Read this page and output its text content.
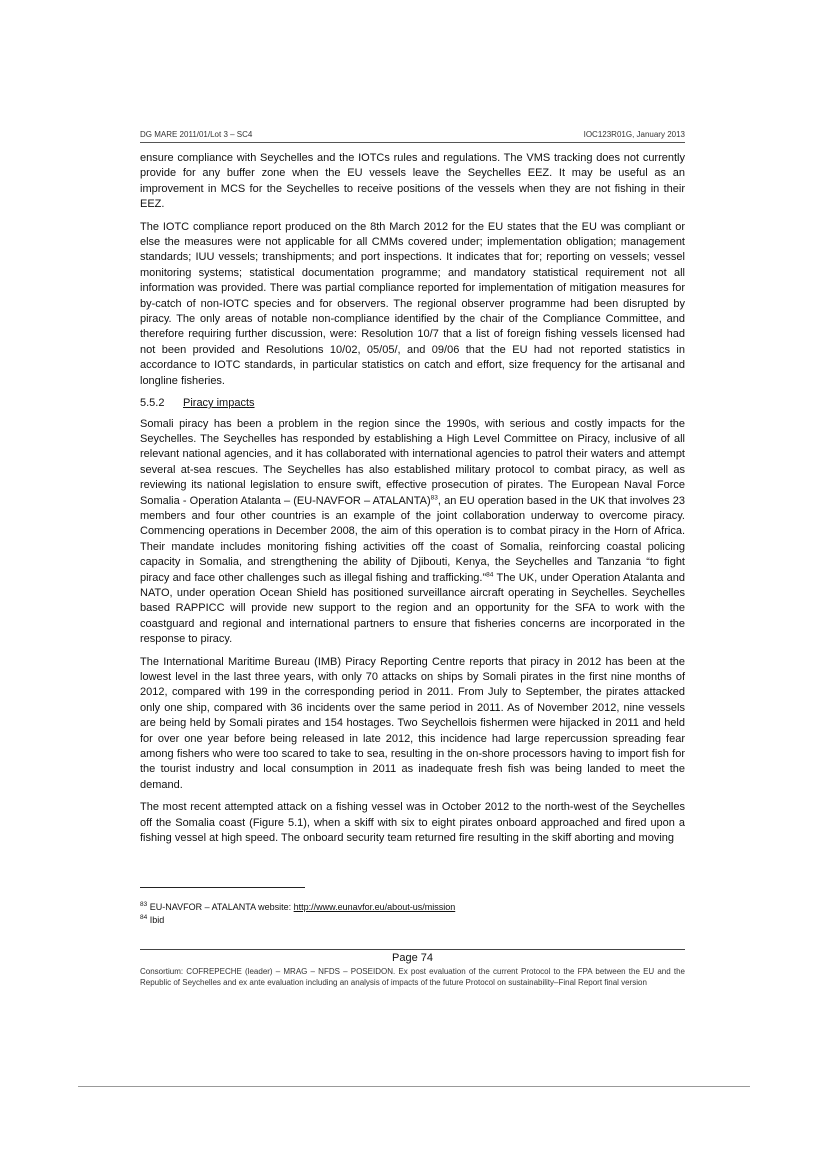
DG MARE 2011/01/Lot 3 – SC4	IOC123R01G, January 2013

ensure compliance with Seychelles and the IOTCs rules and regulations. The VMS tracking does not currently provide for any buffer zone when the EU vessels leave the Seychelles EEZ. It may be useful as an improvement in MCS for the Seychelles to receive positions of the vessels when they are not fishing in their EEZ.

The IOTC compliance report produced on the 8th March 2012 for the EU states that the EU was compliant or else the measures were not applicable for all CMMs covered under; implementation obligation; management standards; IUU vessels; transhipments; and port inspections. It indicates that for; reporting on vessels; vessel monitoring systems; statistical documentation programme; and mandatory statistical requirement not all information was provided. There was partial compliance reported for implementation of mitigation measures for by-catch of non-IOTC species and for observers. The regional observer programme had been disrupted by piracy. The only areas of notable non-compliance identified by the chair of the Compliance Committee, and therefore requiring further discussion, were: Resolution 10/7 that a list of foreign fishing vessels licensed had not been provided and Resolutions 10/02, 05/05/, and 09/06 that the EU had not reported statistics in accordance to IOTC standards, in particular statistics on catch and effort, size frequency for the artisanal and longline fisheries.

5.5.2 Piracy impacts

Somali piracy has been a problem in the region since the 1990s, with serious and costly impacts for the Seychelles. The Seychelles has responded by establishing a High Level Committee on Piracy, inclusive of all relevant national agencies, and it has collaborated with international agencies to patrol their waters and attempt several at-sea rescues. The Seychelles has also established military protocol to combat piracy, as well as reviewing its national legislation to ensure swift, effective prosecution of pirates. The European Naval Force Somalia - Operation Atalanta – (EU-NAVFOR – ATALANTA)$^{83}$, an EU operation based in the UK that involves 23 members and four other countries is an example of the joint collaboration underway to overcome piracy. Commencing operations in December 2008, the aim of this operation is to combat piracy in the Horn of Africa. Their mandate includes monitoring fishing activities off the coast of Somalia, reinforcing coastal policing capacity in Somalia, and strengthening the ability of Djibouti, Kenya, the Seychelles and Tanzania “to fight piracy and face other challenges such as illegal fishing and trafficking.”$^{84}$ The UK, under Operation Atalanta and NATO, under operation Ocean Shield has positioned surveillance aircraft operating in Seychelles. Seychelles based RAPPICC will provide new support to the region and an opportunity for the SFA to work with the coastguard and regional and international partners to ensure that fisheries concerns are incorporated in the response to piracy.

The International Maritime Bureau (IMB) Piracy Reporting Centre reports that piracy in 2012 has been at the lowest level in the last three years, with only 70 attacks on ships by Somali pirates in the first nine months of 2012, compared with 199 in the corresponding period in 2011. From July to September, the pirates attacked only one ship, compared with 36 incidents over the same period in 2011. As of November 2012, nine vessels are being held by Somali pirates and 154 hostages. Two Seychellois fishermen were hijacked in 2011 and held for over one year before being released in late 2012, this incidence had large repercussion spreading fear among fishers who were too scared to take to sea, resulting in the on-shore processors having to import fish for the tourist industry and local consumption in 2011 as inadequate fresh fish was being landed to meet the demand.

The most recent attempted attack on a fishing vessel was in October 2012 to the north-west of the Seychelles off the Somalia coast (Figure 5.1), when a skiff with six to eight pirates onboard approached and fired upon a fishing vessel at high speed. The onboard security team returned fire resulting in the skiff aborting and moving

$^{83}$ EU-NAVFOR – ATALANTA website: http://www.eunavfor.eu/about-us/mission
$^{84}$ Ibid
Page 74
Consortium: COFREPECHE (leader) – MRAG – NFDS – POSEIDON. Ex post evaluation of the current Protocol to the FPA between the EU and the Republic of Seychelles and ex ante evaluation including an analysis of impacts of the future Protocol on sustainability–Final Report final version
